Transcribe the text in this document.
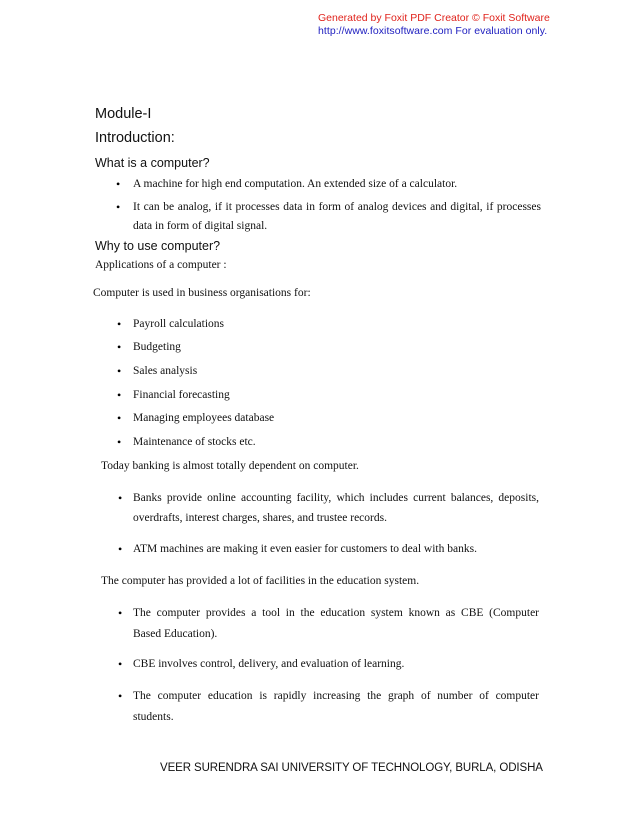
Generated by Foxit PDF Creator © Foxit Software
http://www.foxitsoftware.com For evaluation only.
Module-I
Introduction:
What is a computer?
• A machine for high end computation. An extended size of a calculator.
• It can be analog, if it processes data in form of analog devices and digital, if processes
data in form of digital signal.
Why to use computer?
Applications of a computer :
Computer is used in business organisations for:
• Payroll calculations
• Budgeting
• Sales analysis
• Financial forecasting
• Managing employees database
• Maintenance of stocks etc.
Today banking is almost totally dependent on computer.
• Banks provide online accounting facility, which includes current balances, deposits,
overdrafts, interest charges, shares, and trustee records.
• ATM machines are making it even easier for customers to deal with banks.
The computer has provided a lot of facilities in the education system.
• The computer provides a tool in the education system known as CBE (Computer
Based Education).
• CBE involves control, delivery, and evaluation of learning.
• The computer education is rapidly increasing the graph of number of computer
students.
VEER SURENDRA SAI UNIVERSITY OF TECHNOLOGY, BURLA, ODISHA
